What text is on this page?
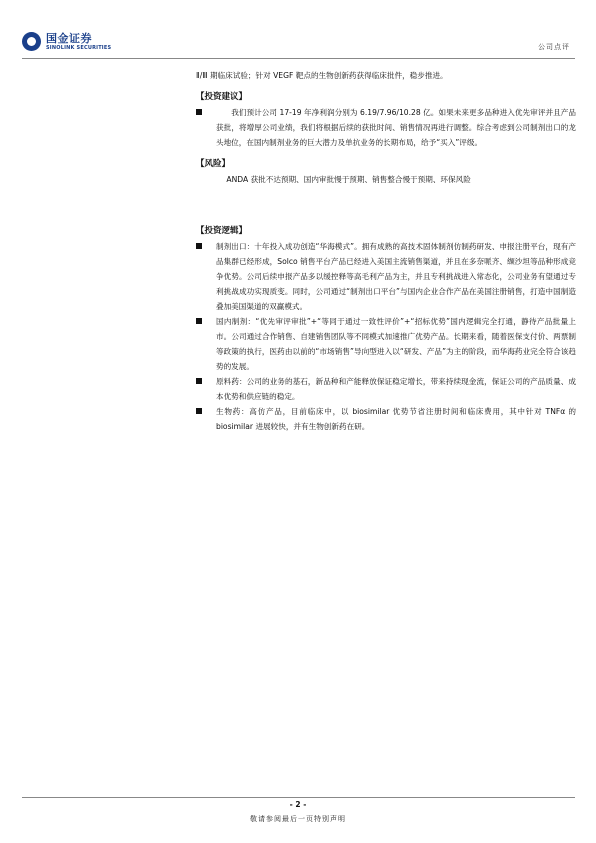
国金证券
SINOLINK SECURITIES	公司点评

Ⅱ/Ⅲ 期临床试验；针对 VEGF 靶点的生物创新药获得临床批件，稳步推进。

【投资建议】
我们预计公司 17-19 年净利润分别为 6.19/7.96/10.28 亿。如果未来更多品种进入优先审评并且产品获批，将增厚公司业绩，我们将根据后续的获批时间、销售情况再进行调整。综合考虑到公司制剂出口的龙头地位，在国内制剂业务的巨大潜力及单抗业务的长期布局，给予“买入”评级。
【风险】

ANDA 获批不达预期、国内审批慢于预期、销售整合慢于预期、环保风险

【投资逻辑】
制剂出口：十年投入成功创造“华海模式”。拥有成熟的高技术固体制剂仿制药研发、申报注册平台，现有产品集群已经形成，Solco 销售平台产品已经进入美国主流销售渠道，并且在多奈哌齐、缬沙坦等品种形成竞争优势。公司后续申报产品多以缓控释等高毛利产品为主，并且专利挑战进入常态化，公司业务有望通过专利挑战成功实现质变。同时，公司通过“制剂出口平台”与国内企业合作产品在美国注册销售，打造中国制造叠加美国渠道的双赢模式。
国内制剂：“优先审评审批”+“等同于通过一致性评价”+“招标优势”国内逻辑完全打通，静待产品批量上市。公司通过合作销售、自建销售团队等不同模式加速推广优势产品。长期来看，随着医保支付价、两票制等政策的执行，医药由以前的“市场销售”导向型进入以“研发、产品”为主的阶段，而华海药业完全符合该趋势的发展。
原料药：公司的业务的基石，新品种和产能释放保证稳定增长，带来持续现金流，保证公司的产品质量、成本优势和供应链的稳定。
生物药：高仿产品，目前临床中，以 biosimilar 优势节省注册时间和临床费用，其中针对 TNFα 的 biosimilar 进展较快，并有生物创新药在研。
- 2 -
敬请参阅最后一页特别声明
